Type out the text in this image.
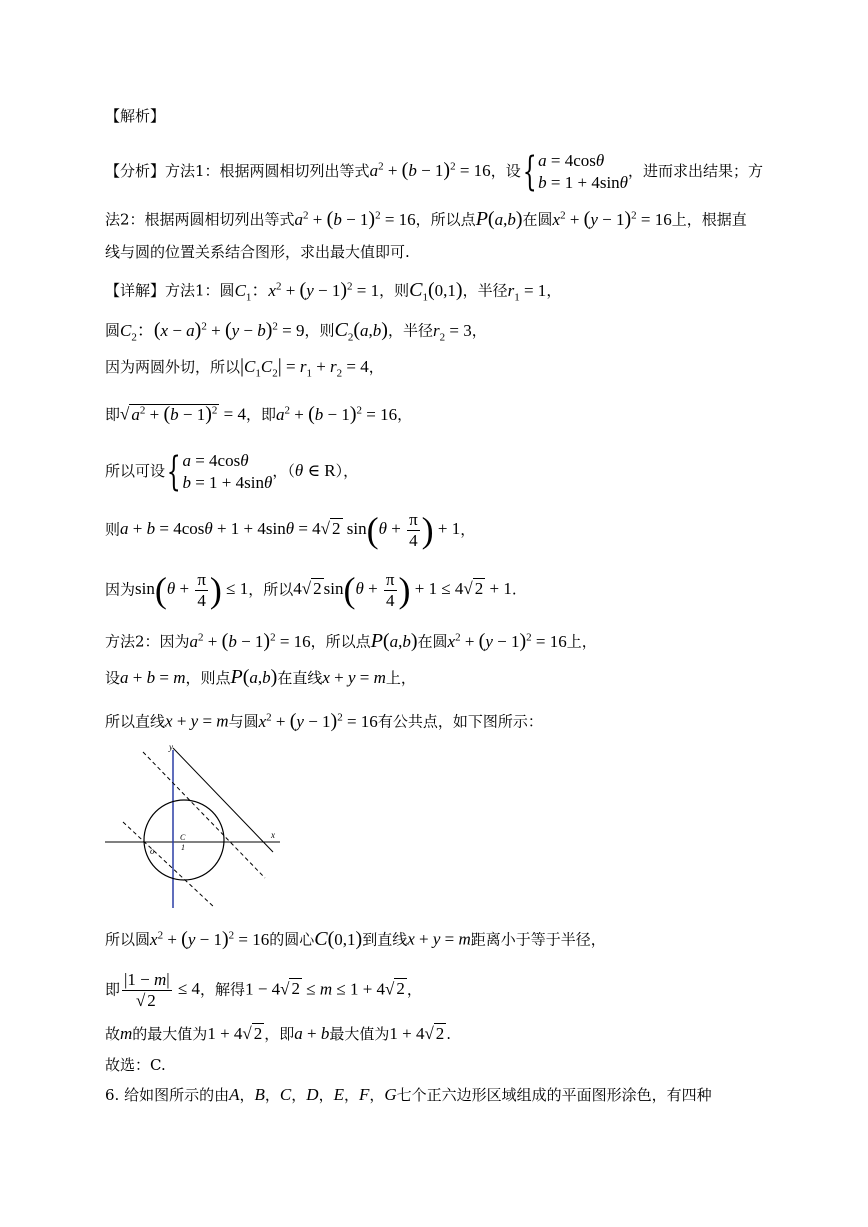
【解析】
【分析】方法1：根据两圆相切列出等式$a^2 + (b - 1)^2 = 16$，设{ a = 4cosθ
b = 1 + 4sinθ，进而求出结果；方
法2：根据两圆相切列出等式$a^2 + (b - 1)^2 = 16$，所以点P(a,b)在圆$x^2 + (y - 1)^2 = 16$上，根据直
线与圆的位置关系结合图形，求出最大值即可.
【详解】方法1：圆$C_1$：$x^2 + (y - 1)^2 = 1$，则$C_1(0,1)$，半径$r_1 = 1$，
圆$C_2$：$(x - a)^2 + (y - b)^2 = 9$，则$C_2(a,b)$，半径$r_2 = 3$，
因为两圆外切，所以$|C_1C_2| = r_1 + r_2 = 4$，
即√ $a^2 + (b - 1)^2 = 4$，即$a^2 + (b - 1)^2 = 16$，
所以可设{ a = 4cosθ
b = 1 + 4sinθ，（θ ∈ R），
则a + b = 4cosθ + 1 + 4sinθ = 4√ 2 $\sin(\theta + \frac{\pi}{4}$ ) + 1，
因为$\sin(\theta + \frac{\pi}{4}$ ) ≤ 1，所以4√ 2 $\sin(\theta + \frac{\pi}{4}$ ) + 1 ≤ 4√ 2 + 1.
方法2：因为$a^2 + (b - 1)^2 = 16$，所以点P(a,b)在圆$x^2 + (y - 1)^2 = 16$上，
设a + b = m，则点P(a,b)在直线x + y = m上，
所以直线x + y = m与圆$x^2 + (y - 1)^2 = 16$有公共点，如下图所示：
y
x
o
C
1
所以圆$x^2 + (y - 1)^2 = 16$的圆心C(0,1)到直线x + y = m距离小于等于半径，
即 $\frac{|1 - m|}{√ 2} \le 4$，解得1 − 4√ 2 ≤ m ≤ 1 + 4√ 2 ，
故m的最大值为1 + 4√ 2 ，即a + b最大值为1 + 4√ 2 .
故选：C.
6. 给如图所示的由A，B，C，D，E，F，G七个正六边形区域组成的平面图形涂色，有四种
